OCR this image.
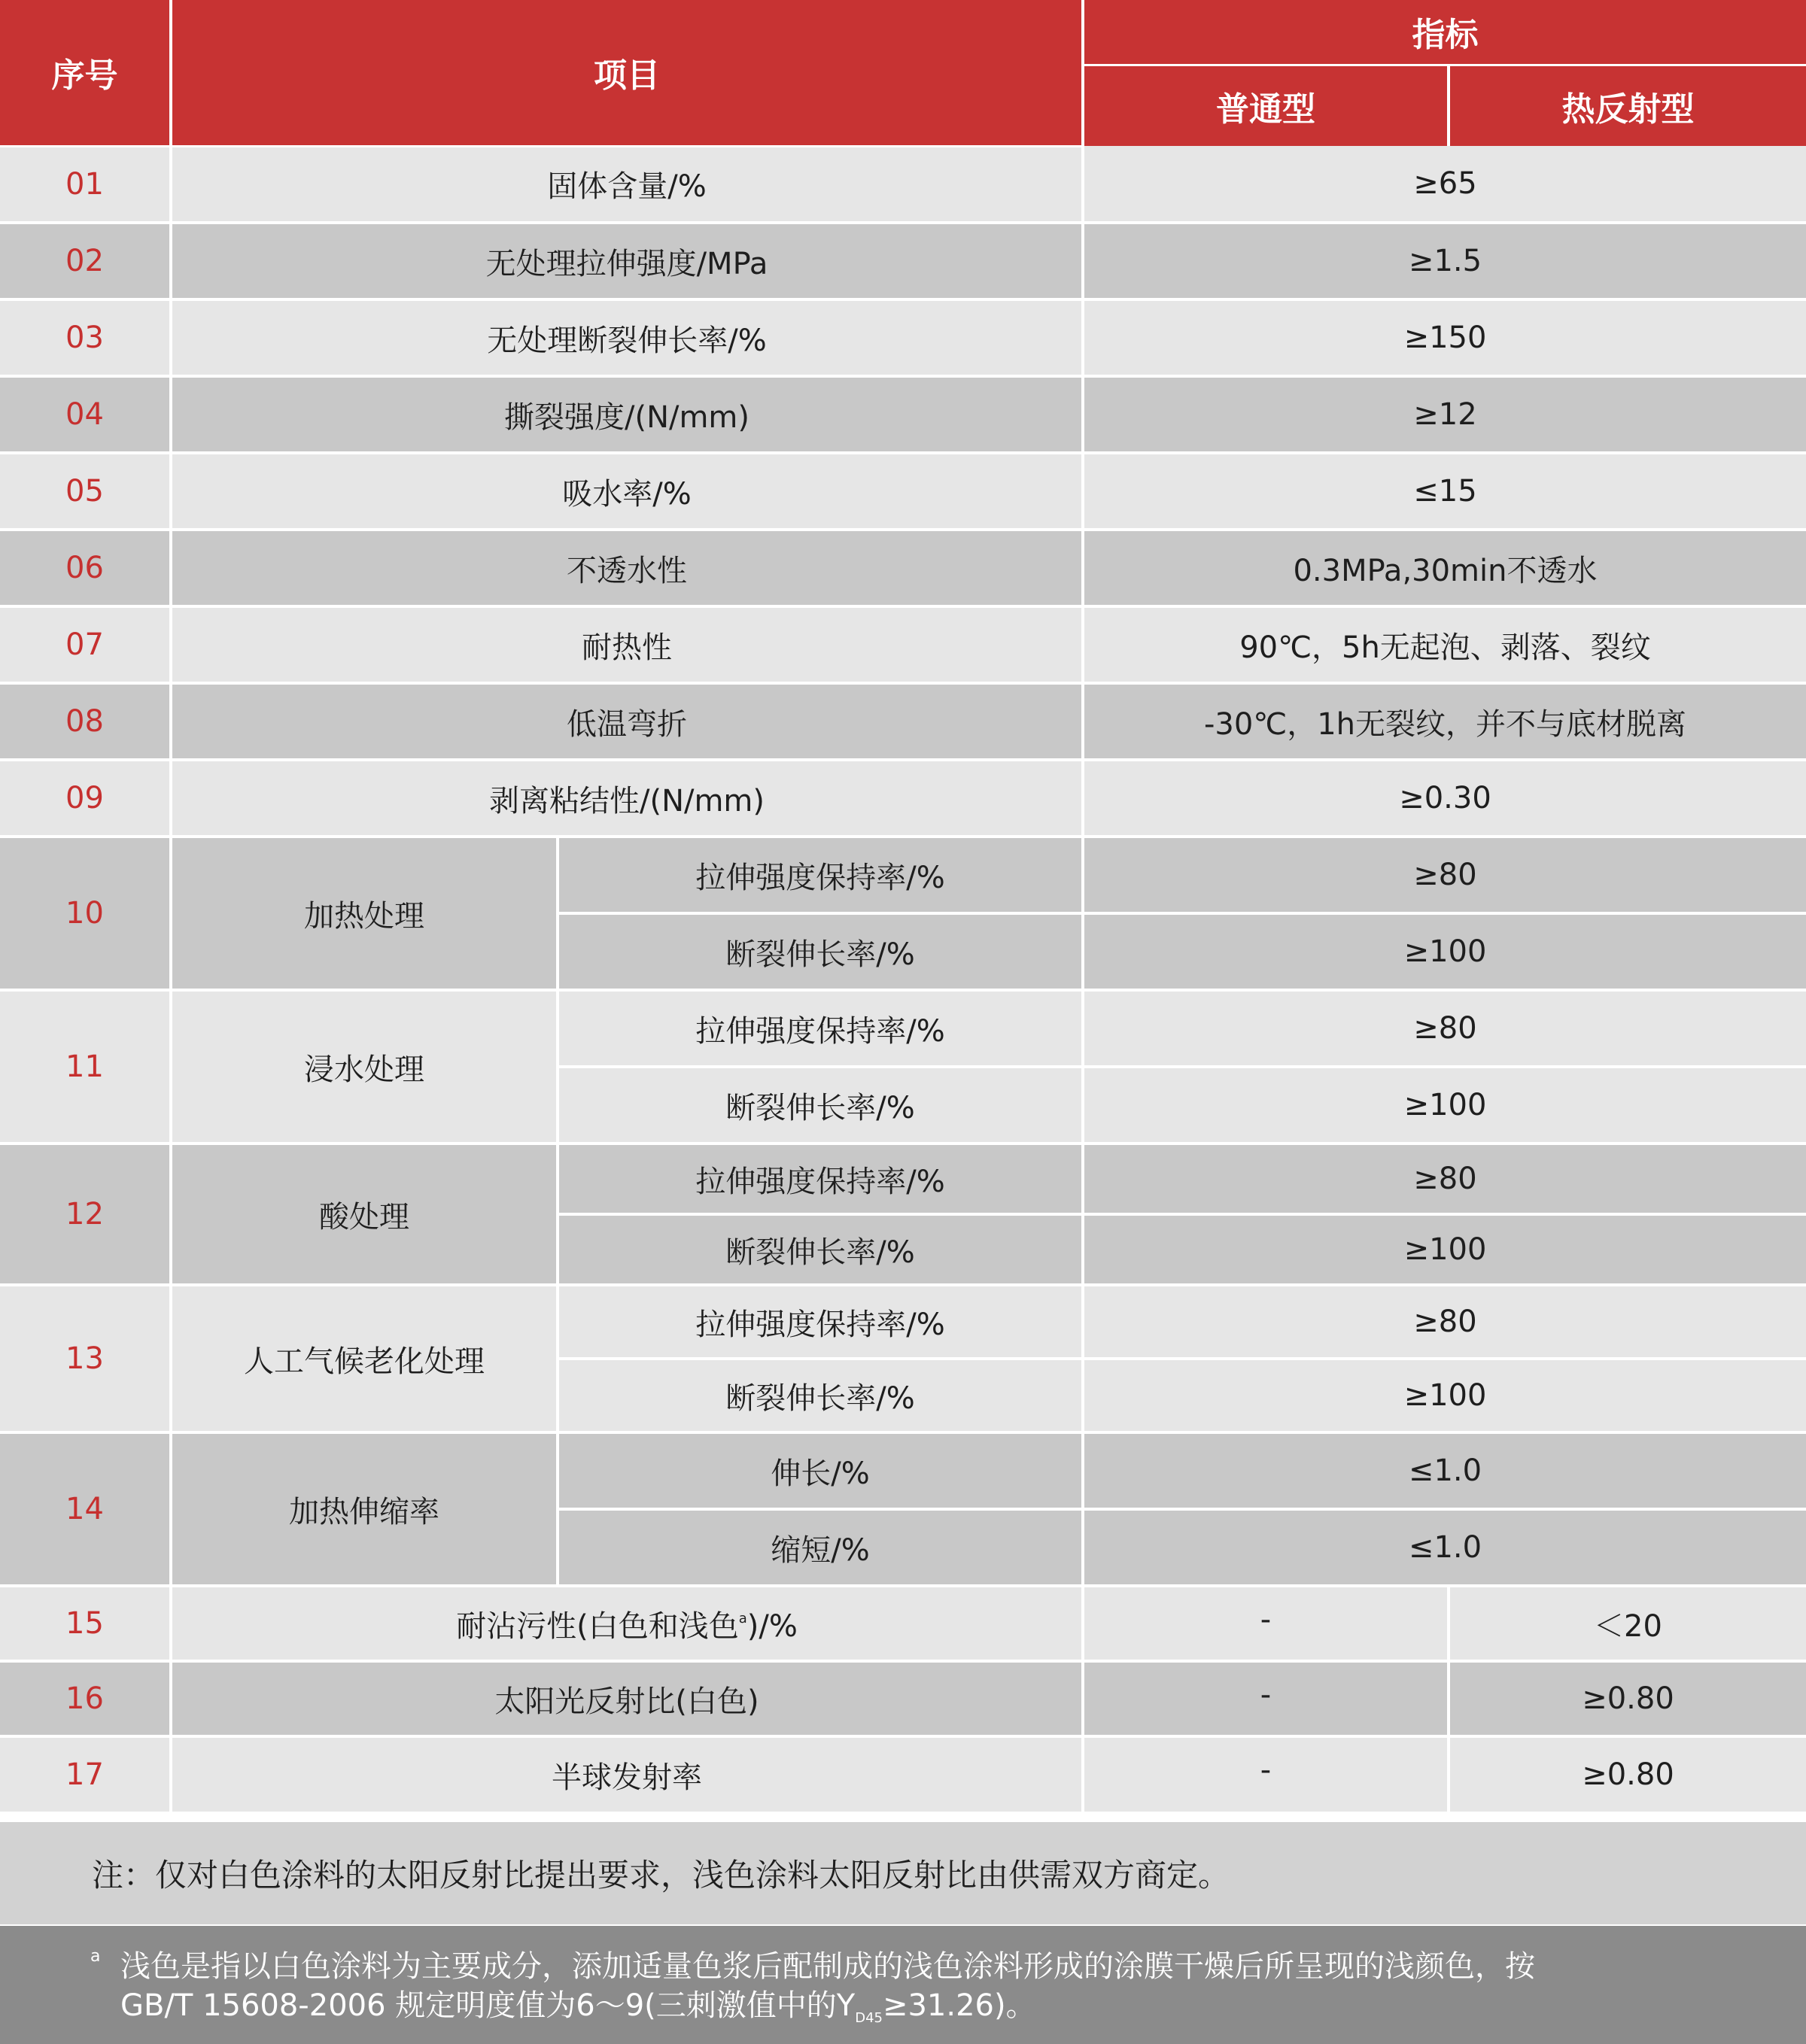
序号	项目		指标	
			普通型	热反射型
01	固体含量/%		≥65	
02	无处理拉伸强度/MPa		≥1.5	
03	无处理断裂伸长率/%		≥150	
04	撕裂强度/(N/mm)		≥12	
05	吸水率/%		≤15	
06	不透水性		0.3MPa,30min不透水	
07	耐热性		90℃，5h无起泡、剥落、裂纹	
08	低温弯折		-30℃，1h无裂纹，并不与底材脱离	
09	剥离粘结性/(N/mm)		≥0.30	
10	加热处理	拉伸强度保持率/%	≥80	
		断裂伸长率/%	≥100	
11	浸水处理	拉伸强度保持率/%	≥80	
		断裂伸长率/%	≥100	
12	酸处理	拉伸强度保持率/%	≥80	
		断裂伸长率/%	≥100	
13	人工气候老化处理	拉伸强度保持率/%	≥80	
		断裂伸长率/%	≥100	
14	加热伸缩率	伸长/%	≤1.0	
		缩短/%	≤1.0	
15	耐沾污性(白色和浅色$^a$)/%		-	＜20
16	太阳光反射比(白色)		-	≥0.80
17	半球发射率		-	≥0.80
注：仅对白色涂料的太阳反射比提出要求，浅色涂料太阳反射比由供需双方商定。
a 浅色是指以白色涂料为主要成分，添加适量色浆后配制成的浅色涂料形成的涂膜干燥后所呈现的浅颜色，按
GB/T 15608-2006 规定明度值为6～9(三刺激值中的$Y_{D45}\ge 31.26$)。
